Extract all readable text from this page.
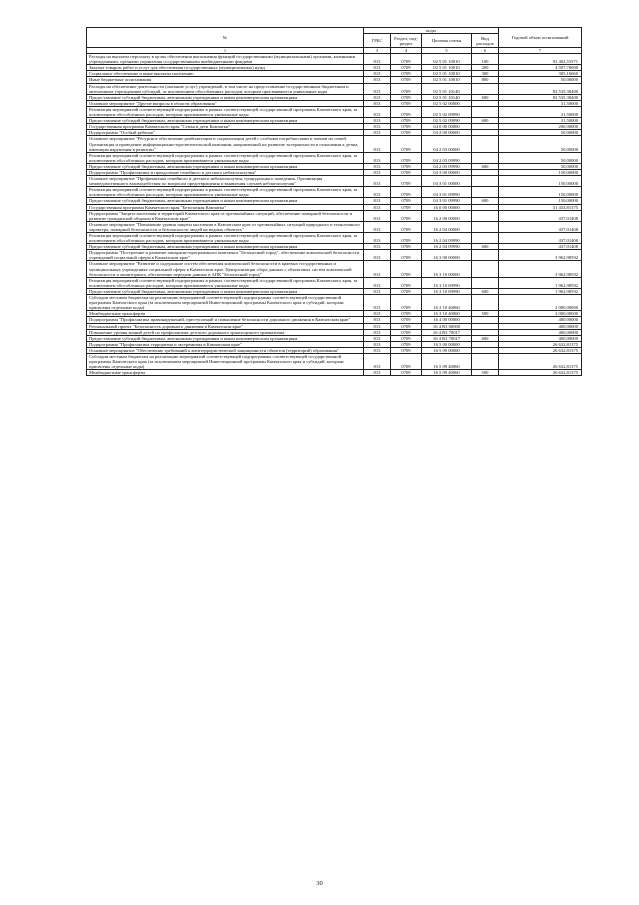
№	коды				Годовой объем ассигнований
	ГРБС	Раздел, под-раздел	Целевая статья	Вид расходов	
1	3	4	5	6	7
Расходы на выплаты персоналу в целях обеспечения выполнения функций государственными (муниципальными) органами, казенными учреждениями, органами управления государственными внебюджетными фондами	813	0709	02 5 01 10010	100	92 402,55371
Закупка товаров, работ и услуг для обеспечения государственных (муниципальных) нужд	813	0709	02 5 01 10010	200	4 507,70000
Социальное обеспечение и иные выплаты населению	813	0709	02 5 01 10010	300	305,16660
Иные бюджетные ассигнования	813	0709	02 5 01 10010	800	50,00000
Расходы на обеспечение деятельности (оказание услуг) учреждений, в том числе на предоставление государственным бюджетным и автономным учреждениям субсидий, за исключением обособленных расходов, которым присваиваются уникальные коды	813	0709	02 5 01 10140		82 535,38400
Предоставление субсидий бюджетным, автономным учреждениям и иным некоммерческим организациям	813	0709	02 5 01 10140	600	82 535,38400
Основное мероприятие "Другие вопросы в области образования"	813	0709	02 5 02 00000		31,50000
Реализация мероприятий соответствующей подпрограммы в рамках соответствующей государственной программы Камчатского края, за исключением обособленных расходов, которым присваиваются уникальные коды	813	0709	02 5 02 09990		31,50000
Предоставление субсидий бюджетным, автономным учреждениям и иным некоммерческим организациям	813	0709	02 5 02 09990	600	31,50000
Государственная программа Камчатского края "Семья и дети Камчатки"	813	0709	04 0 00 00000		200,00000
Подпрограмма "Особый ребенок"	813	0709	04 2 00 00000		50,00000
Основное мероприятие "Ресурсное обеспечение реабилитации и социализации детей с особыми потребностями и членов их семей. Организация и проведение информационно-просветительской кампании, направленной на развитие толерантности в отношении к детям, имеющим нарушения в развитии"	813	0709	04 2 03 00000		50,00000
Реализация мероприятий соответствующей подпрограммы в рамках соответствующей государственной программы Камчатского края, за исключением обособленных расходов, которым присваиваются уникальные коды	813	0709	04 2 03 09990		50,00000
Предоставление субсидий бюджетным, автономным учреждениям и иным некоммерческим организациям	813	0709	04 2 03 09990	600	50,00000
Подпрограмма "Профилактика и преодоление семейного и детского неблагополучия"	813	0709	04 3 00 00000		150,00000
Основное мероприятие "Профилактика семейного и детского неблагополучия, суицидального поведения. Организация межведомственного взаимодействия по вопросам предотвращения и выявления случаев неблагополучия"	813	0709	04 3 01 00000		150,00000
Реализация мероприятий соответствующей подпрограммы в рамках соответствующей государственной программы Камчатского края, за исключением обособленных расходов, которым присваиваются уникальные коды	813	0709	04 3 01 09990		150,00000
Предоставление субсидий бюджетным, автономным учреждениям и иным некоммерческим организациям	813	0709	04 3 01 09990	600	150,00000
Государственная программа Камчатского края "Безопасная Камчатка"	813	0709	16 0 00 00000		31 433,81375
Подпрограмма "Защита населения и территорий Камчатского края от чрезвычайных ситуаций, обеспечение пожарной безопасности и развитие гражданской обороны в Камчатском крае"	813	0709	16 2 00 00000		437,01408
Основное мероприятие "Повышение уровня защиты населения в Камчатском крае от чрезвычайных ситуаций природного и техногенного характера, пожарной безопасности и безопасности людей на водных объектах"	813	0709	16 2 04 00000		437,01408
Реализация мероприятий соответствующей подпрограммы в рамках соответствующей государственной программы Камчатского края, за исключением обособленных расходов, которым присваиваются уникальные коды	813	0709	16 2 04 09990		437,01408
Предоставление субсидий бюджетным, автономным учреждениям и иным некоммерческим организациям	813	0709	16 2 04 09990	600	437,01408
Подпрограмма "Построение и развитие аппаратно-программного комплекса "Безопасный город", обеспечение комплексной безопасности учреждений социальной сферы в Камчатском крае"	813	0709	16 3 00 00000		3 962,98592
Основное мероприятие "Развитие и содержание систем обеспечения комплексной безопасности в краевых государственных и муниципальных учреждениях социальной сферы в Камчатском крае. Централизация сбора данных с объектовых систем комплексной безопасности и мониторинга, обеспечение передачи данных в АПК "Безопасный город"	813	0709	16 3 10 00000		3 962,98592
Реализация мероприятий соответствующей подпрограммы в рамках соответствующей государственной программы Камчатского края, за исключением обособленных расходов, которым присваиваются уникальные коды	813	0709	16 3 10 09990		1 962,98592
Предоставление субсидий бюджетным, автономным учреждениям и иным некоммерческим организациям	813	0709	16 3 10 09990	600	1 962,98592
Субсидии местным бюджетам на реализацию мероприятий соответствующей подпрограммы соответствующей государственной программы Камчатского края (за исключением мероприятий Инвестиционной программы Камчатского края и субсидий, которым присвоены отдельные коды)	813	0709	16 3 10 40060		2 000,00000
Межбюджетные трансферты	813	0709	16 3 10 40060	500	2 000,00000
Подпрограмма "Профилактика правонарушений, преступлений и повышение безопасности дорожного движения в Камчатском крае"	813	0709	16 4 00 00000		400,00000
Региональный проект "Безопасность дорожного движения в Камчатском крае"	813	0709	16 4 R3 00000		400,00000
Повышение уровня знаний детей по профилактике детского дорожного транспортного травматизма	813	0709	16 4 R3 70017		400,00000
Предоставление субсидий бюджетным, автономным учреждениям и иным некоммерческим организациям	813	0709	16 4 R3 70017	600	400,00000
Подпрограмма "Профилактика терроризма и экстремизма в Камчатском крае"	813	0709	16 5 00 00000		26 632,81375
Основное мероприятие "Обеспечение требований к антитеррористической защищенности объектов (территорий) образования"	813	0709	16 5 09 00000		26 632,81375
Субсидии местным бюджетам на реализацию мероприятий соответствующей подпрограммы соответствующей государственной программы Камчатского края (за исключением мероприятий Инвестиционной программы Камчатского края и субсидий, которым присвоены отдельные коды)	813	0709	16 5 09 40060		26 632,81375
Межбюджетные трансферты	813	0709	16 5 09 40060	500	26 632,81375
30
